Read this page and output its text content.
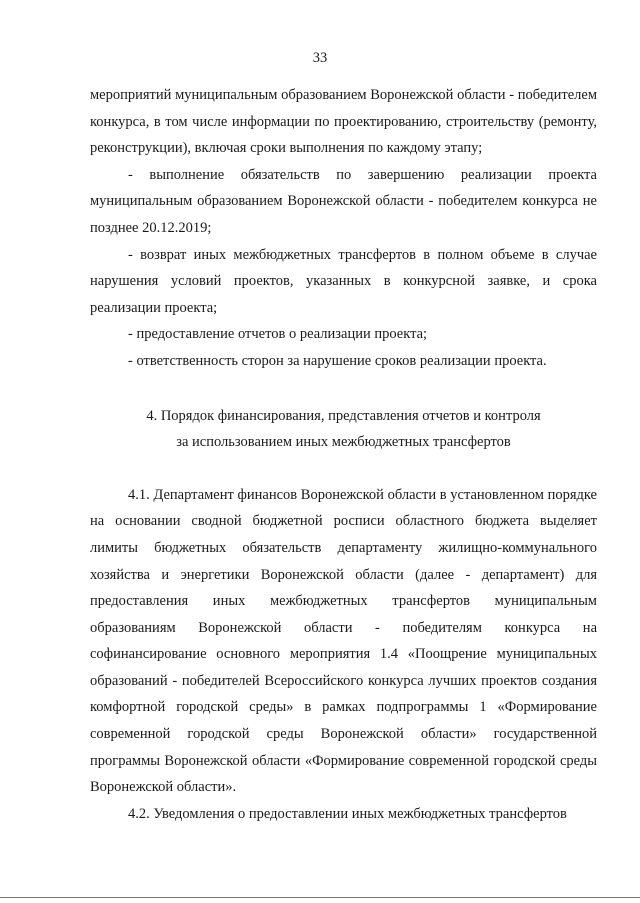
33

мероприятий муниципальным образованием Воронежской области - победителем конкурса, в том числе информации по проектированию, строительству (ремонту, реконструкции), включая сроки выполнения по каждому этапу;

- выполнение обязательств по завершению реализации проекта муниципальным образованием Воронежской области - победителем конкурса не позднее 20.12.2019;

- возврат иных межбюджетных трансфертов в полном объеме в случае нарушения условий проектов, указанных в конкурсной заявке, и срока реализации проекта;

- предоставление отчетов о реализации проекта;

- ответственность сторон за нарушение сроков реализации проекта.

4. Порядок финансирования, представления отчетов и контроля
за использованием иных межбюджетных трансфертов

4.1. Департамент финансов Воронежской области в установленном порядке на основании сводной бюджетной росписи областного бюджета выделяет лимиты бюджетных обязательств департаменту жилищно-коммунального хозяйства и энергетики Воронежской области (далее - департамент) для предоставления иных межбюджетных трансфертов муниципальным образованиям Воронежской области - победителям конкурса на софинансирование основного мероприятия 1.4 «Поощрение муниципальных образований - победителей Всероссийского конкурса лучших проектов создания комфортной городской среды» в рамках подпрограммы 1 «Формирование современной городской среды Воронежской области» государственной программы Воронежской области «Формирование современной городской среды Воронежской области».

4.2. Уведомления о предоставлении иных межбюджетных трансфертов
